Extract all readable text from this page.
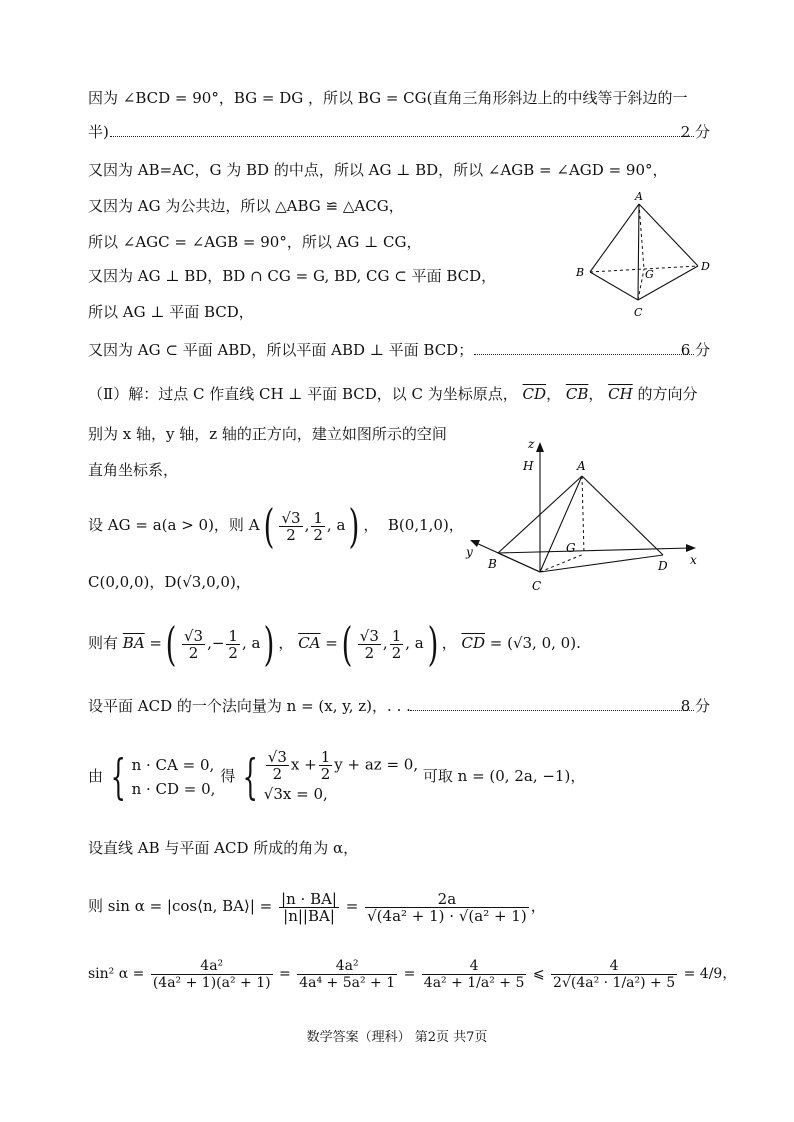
因为 ∠BCD = 90°，BG = DG ，所以 BG = CG(直角三角形斜边上的中线等于斜边的一
半)	2 分
又因为 AB=AC，G 为 BD 的中点，所以 AG ⊥ BD，所以 ∠AGB = ∠AGD = 90°，
又因为 AG 为公共边，所以 △ABG ≌ △ACG，
所以 ∠AGC = ∠AGB = 90°，所以 AG ⊥ CG，
又因为 AG ⊥ BD，BD ∩ CG = G, BD, CG ⊂ 平面 BCD，
所以 AG ⊥ 平面 BCD，
A
B
C
D
G
又因为 AG ⊂ 平面 ABD，所以平面 ABD ⊥ 平面 BCD；	6 分
（Ⅱ）解：过点 C 作直线 CH ⊥ 平面 BCD，以 C 为坐标原点， $\overline{CD}$， $\overline{CB}$， $\overline{CH}$ 的方向分
别为 x 轴，y 轴，z 轴的正方向，建立如图所示的空间
直角坐标系，
z
H	A
G
y
x
B
C
D
设 AG = a(a > 0)，则 $A( \frac{√3}{2}$ , $\frac{1}{2}$ , a) ，  B(0,1,0)，
C(0,0,0)，D(√3,0,0)，
则有 $\overline{BA}$ =( $\frac{√3}{2}$ ,− $\frac{1}{2}$ , a) ， $\overline{CA}$ =( $\frac{√3}{2}$ , $\frac{1}{2}$ , a) ， $\overline{CD} = (√3$, 0, 0).
设平面 ACD 的一个法向量为 n = (x, y, z)，. . .	8 分
由 { n · CA = 0,
n · CD = 0,
得 { $\frac{√3}{2}$ $x + \frac{1}{2}$ y + az = 0,
√3x = 0,
可取 n = (0, 2a, −1)，
设直线 AB 与平面 ACD 所成的角为 α，
则 sin α = |cos⟨n, BA⟩| = $\frac{|n \cdot BA|}{|n||BA|} = \frac{2a}{\text{√(4a² + 1) · √(a² + 1)}}$ ，
sin² $\alpha = \frac{\text{4a²}}{\text{(4a² + 1)(a² + 1)}} = \frac{\text{4a²}}{\text{4a⁴ + 5a² + 1}} = \frac{4}{\text{4a² + 1/a² + 5}}$ ⩽ $\frac{4}{\text{2√(4a² · 1/a²) + 5}} = 4/9$，
数学答案（理科） 第2页 共7页
